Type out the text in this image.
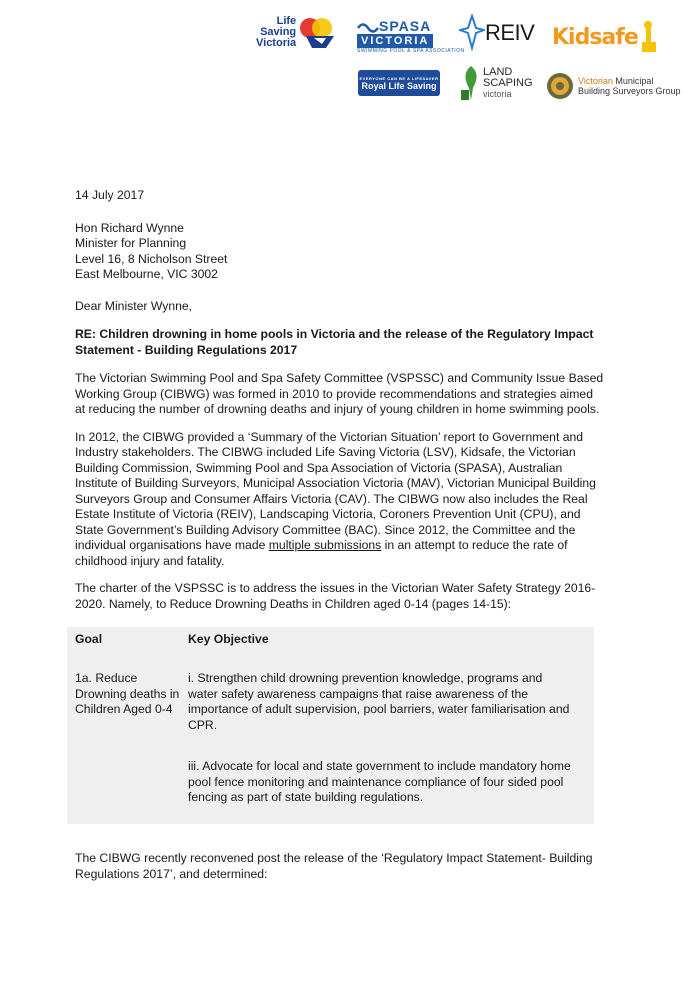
Life
Saving
Victoria
SPASA
VICTORIA
SWIMMING POOL & SPA ASSOCIATION
REIV Kidsafe
EVERYONE CAN BE A LIFESAVER
Royal Life Saving
LAND
SCAPING
victoria
Victorian Municipal
Building Surveyors Group

14 July 2017

Hon Richard Wynne
Minister for Planning
Level 16, 8 Nicholson Street
East Melbourne, VIC 3002

Dear Minister Wynne,

RE: Children drowning in home pools in Victoria and the release of the Regulatory Impact Statement - Building Regulations 2017

The Victorian Swimming Pool and Spa Safety Committee (VSPSSC) and Community Issue Based Working Group (CIBWG) was formed in 2010 to provide recommendations and strategies aimed at reducing the number of drowning deaths and injury of young children in home swimming pools.

In 2012, the CIBWG provided a ‘Summary of the Victorian Situation’ report to Government and Industry stakeholders. The CIBWG included Life Saving Victoria (LSV), Kidsafe, the Victorian Building Commission, Swimming Pool and Spa Association of Victoria (SPASA), Australian Institute of Building Surveyors, Municipal Association Victoria (MAV), Victorian Municipal Building Surveyors Group and Consumer Affairs Victoria (CAV). The CIBWG now also includes the Real Estate Institute of Victoria (REIV), Landscaping Victoria, Coroners Prevention Unit (CPU), and State Government’s Building Advisory Committee (BAC). Since 2012, the Committee and the individual organisations have made multiple submissions in an attempt to reduce the rate of childhood injury and fatality.

The charter of the VSPSSC is to address the issues in the Victorian Water Safety Strategy 2016-2020. Namely, to Reduce Drowning Deaths in Children aged 0-14 (pages 14-15):

Goal	Key Objective
1a. Reduce Drowning deaths in Children Aged 0-4
i. Strengthen child drowning prevention knowledge, programs and water safety awareness campaigns that raise awareness of the importance of adult supervision, pool barriers, water familiarisation and CPR.
iii. Advocate for local and state government to include mandatory home pool fence monitoring and maintenance compliance of four sided pool fencing as part of state building regulations.

The CIBWG recently reconvened post the release of the ‘Regulatory Impact Statement- Building Regulations 2017’, and determined:
